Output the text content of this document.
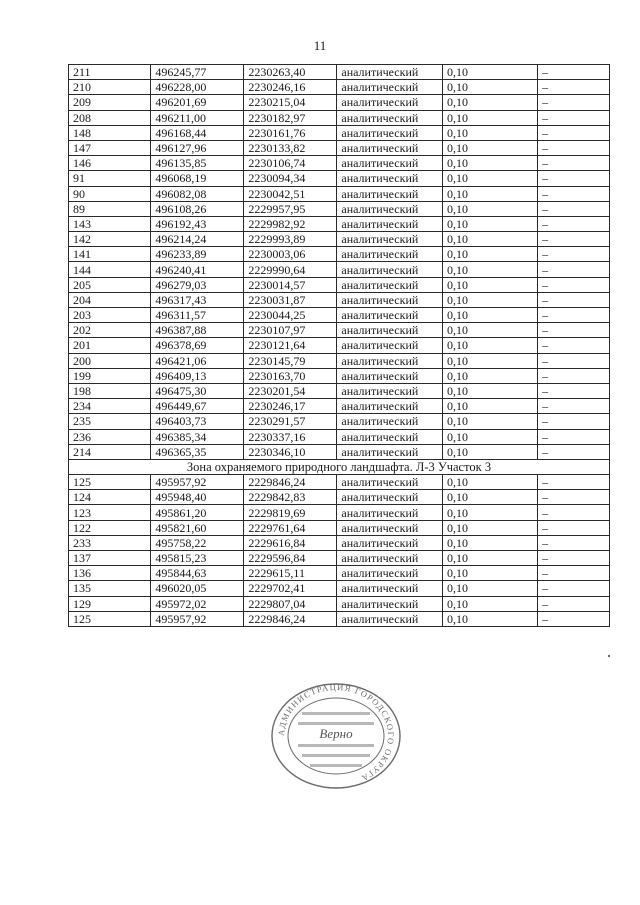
11
211	496245,77	2230263,40	аналитический	0,10	–
210	496228,00	2230246,16	аналитический	0,10	–
209	496201,69	2230215,04	аналитический	0,10	–
208	496211,00	2230182,97	аналитический	0,10	–
148	496168,44	2230161,76	аналитический	0,10	–
147	496127,96	2230133,82	аналитический	0,10	–
146	496135,85	2230106,74	аналитический	0,10	–
91	496068,19	2230094,34	аналитический	0,10	–
90	496082,08	2230042,51	аналитический	0,10	–
89	496108,26	2229957,95	аналитический	0,10	–
143	496192,43	2229982,92	аналитический	0,10	–
142	496214,24	2229993,89	аналитический	0,10	–
141	496233,89	2230003,06	аналитический	0,10	–
144	496240,41	2229990,64	аналитический	0,10	–
205	496279,03	2230014,57	аналитический	0,10	–
204	496317,43	2230031,87	аналитический	0,10	–
203	496311,57	2230044,25	аналитический	0,10	–
202	496387,88	2230107,97	аналитический	0,10	–
201	496378,69	2230121,64	аналитический	0,10	–
200	496421,06	2230145,79	аналитический	0,10	–
199	496409,13	2230163,70	аналитический	0,10	–
198	496475,30	2230201,54	аналитический	0,10	–
234	496449,67	2230246,17	аналитический	0,10	–
235	496403,73	2230291,57	аналитический	0,10	–
236	496385,34	2230337,16	аналитический	0,10	–
214	496365,35	2230346,10	аналитический	0,10	–
Зона охраняемого природного ландшафта. Л-3 Участок 3					
125	495957,92	2229846,24	аналитический	0,10	–
124	495948,40	2229842,83	аналитический	0,10	–
123	495861,20	2229819,69	аналитический	0,10	–
122	495821,60	2229761,64	аналитический	0,10	–
233	495758,22	2229616,84	аналитический	0,10	–
137	495815,23	2229596,84	аналитический	0,10	–
136	495844,63	2229615,11	аналитический	0,10	–
135	496020,05	2229702,41	аналитический	0,10	–
129	495972,02	2229807,04	аналитический	0,10	–
125	495957,92	2229846,24	аналитический	0,10	–
АДМИНИСТРАЦИЯ ГОРОДСКОГО ОКРУГА
Верно
